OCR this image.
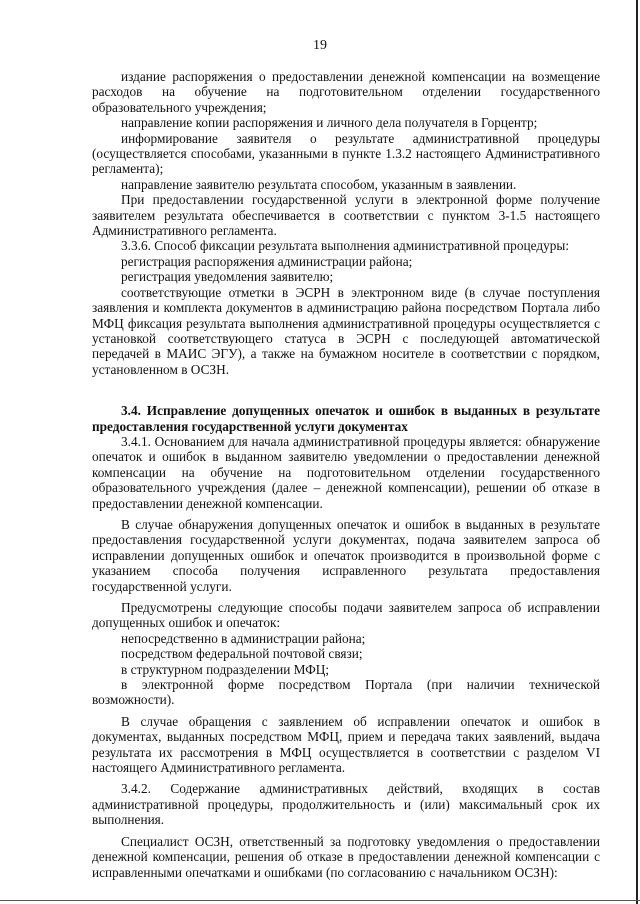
19

издание распоряжения о предоставлении денежной компенсации на возмещение расходов на обучение на подготовительном отделении государственного образовательного учреждения;

направление копии распоряжения и личного дела получателя в Горцентр;

информирование заявителя о результате административной процедуры (осуществляется способами, указанными в пункте 1.3.2 настоящего Административного регламента);

направление заявителю результата способом, указанным в заявлении.

При предоставлении государственной услуги в электронной форме получение заявителем результата обеспечивается в соответствии с пунктом 3-1.5 настоящего Административного регламента.

3.3.6. Способ фиксации результата выполнения административной процедуры:

регистрация распоряжения администрации района;

регистрация уведомления заявителю;

соответствующие отметки в ЭСРН в электронном виде (в случае поступления заявления и комплекта документов в администрацию района посредством Портала либо МФЦ фиксация результата выполнения административной процедуры осуществляется с установкой соответствующего статуса в ЭСРН с последующей автоматической передачей в МАИС ЭГУ), а также на бумажном носителе в соответствии с порядком, установленном в ОСЗН.

3.4. Исправление допущенных опечаток и ошибок в выданных в результате предоставления государственной услуги документах

3.4.1. Основанием для начала административной процедуры является: обнаружение опечаток и ошибок в выданном заявителю уведомлении о предоставлении денежной компенсации на обучение на подготовительном отделении государственного образовательного учреждения (далее – денежной компенсации), решении об отказе в предоставлении денежной компенсации.

В случае обнаружения допущенных опечаток и ошибок в выданных в результате предоставления государственной услуги документах, подача заявителем запроса об исправлении допущенных ошибок и опечаток производится в произвольной форме с указанием способа получения исправленного результата предоставления государственной услуги.

Предусмотрены следующие способы подачи заявителем запроса об исправлении допущенных ошибок и опечаток:

непосредственно в администрации района;

посредством федеральной почтовой связи;

в структурном подразделении МФЦ;

в электронной форме посредством Портала (при наличии технической возможности).

В случае обращения с заявлением об исправлении опечаток и ошибок в документах, выданных посредством МФЦ, прием и передача таких заявлений, выдача результата их рассмотрения в МФЦ осуществляется в соответствии с разделом VI настоящего Административного регламента.

3.4.2. Содержание административных действий, входящих в состав административной процедуры, продолжительность и (или) максимальный срок их выполнения.

Специалист ОСЗН, ответственный за подготовку уведомления о предоставлении денежной компенсации, решения об отказе в предоставлении денежной компенсации с исправленными опечатками и ошибками (по согласованию с начальником ОСЗН):
